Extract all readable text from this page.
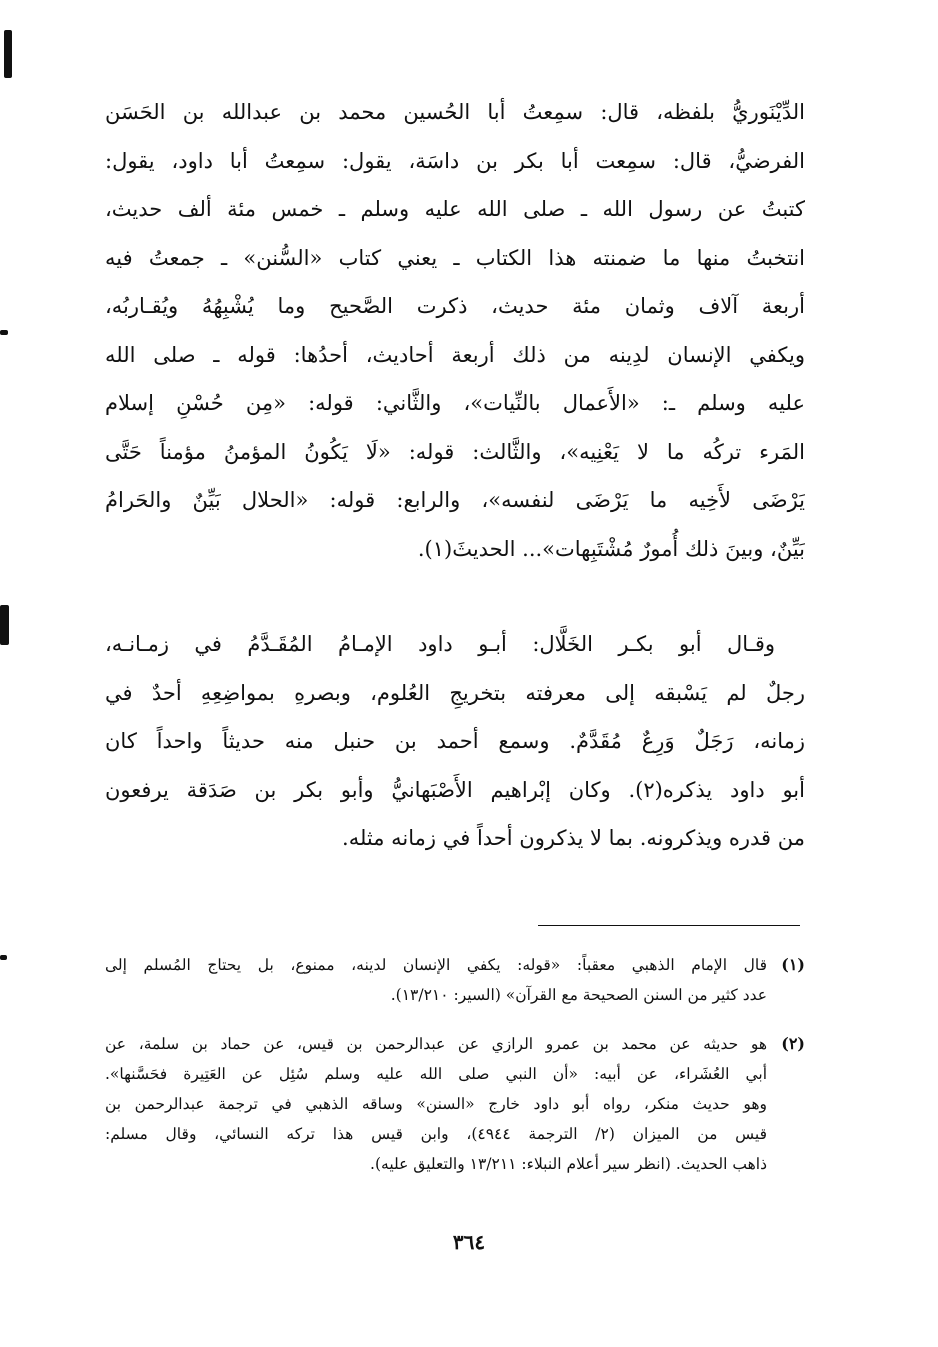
الدِّيْنَوريُّ بلفظه، قال: سمِعتُ أبا الحُسين محمد بن عبدالله بن الحَسَن
الفرضيُّ، قال: سمِعت أبا بكر بن داسَة، يقول: سمِعتُ أبا داود، يقول:
كتبتُ عن رسول الله ـ صلى الله عليه وسلم ـ خمس مئة ألف حديث،
انتخبتُ منها ما ضمنته هذا الكتاب ـ يعني كتاب «السُّنن» ـ جمعتُ فيه
أربعة آلاف وثمان مئة حديث، ذكرت الصَّحيح وما يُشْبِهُهُ ويُقـاربُه،
ويكفي الإنسان لدِينه من ذلك أربعة أحاديث، أحدُها: قوله ـ صلى الله
عليه وسلم ـ: «الأَعمال بالنِّيات»، والثَّاني: قوله: «مِن حُسْنِ إسلام
المَرء تركُه ما لا يَعْنِيه»، والثَّالث: قوله: «لَا يَكُونُ المؤمنُ مؤمناً حَتَّى
يَرْضَى لأَخِيه ما يَرْضَى لنفسه»، والرابع: قوله: «الحلال بَيِّنٌ والحَرامُ
بَيِّنٌ، وبينَ ذلك أُمورٌ مُشْتَبِهات»... الحديثَ(١).
وقـال أبو بكـر الخَلَّال: أبـو داود الإمـامُ المُقَـدَّمُ في زمـانـه،
رجلٌ لم يَسْبقه إلى معرفته بتخريجِ العُلوم، وبصرهِ بمواضِعِهِ أحدٌ في
زمانه، رَجَلٌ وَرِعٌ مُقَدَّمٌ. وسمع أحمد بن حنبل منه حديثاً واحداً كان
أبو داود يذكره(٢). وكان إبْراهيم الأَصْبَهانيُّ وأبو بكر بن صَدَقة يرفعون
من قدره ويذكرونه. بما لا يذكرون أحداً في زمانه مثله.
(١)
قال الإمام الذهبي معقباً: «قوله: يكفي الإنسان لدينه، ممنوع، بل يحتاج المُسلم إلى
عدد كثير من السنن الصحيحة مع القرآن» (السير: ١٣/٢١٠).
(٢)
هو حديثه عن محمد بن عمرو الرازي عن عبدالرحمن بن قيس، عن حماد بن سلمة، عن
أبي العُشَراء، عن أبيه: «أن النبي صلى الله عليه وسلم سُئِل عن العَتِيرة فحَسَّنها».
وهو حديث منكر، رواه أبو داود خارج «السنن» وساقه الذهبي في ترجمة عبدالرحمن بن
قيس من الميزان (٢/ الترجمة ٤٩٤٤)، وابن قيس هذا تركه النسائي، وقال مسلم:
ذاهب الحديث. (انظر سير أعلام النبلاء: ١٣/٢١١ والتعليق عليه).
٣٦٤
